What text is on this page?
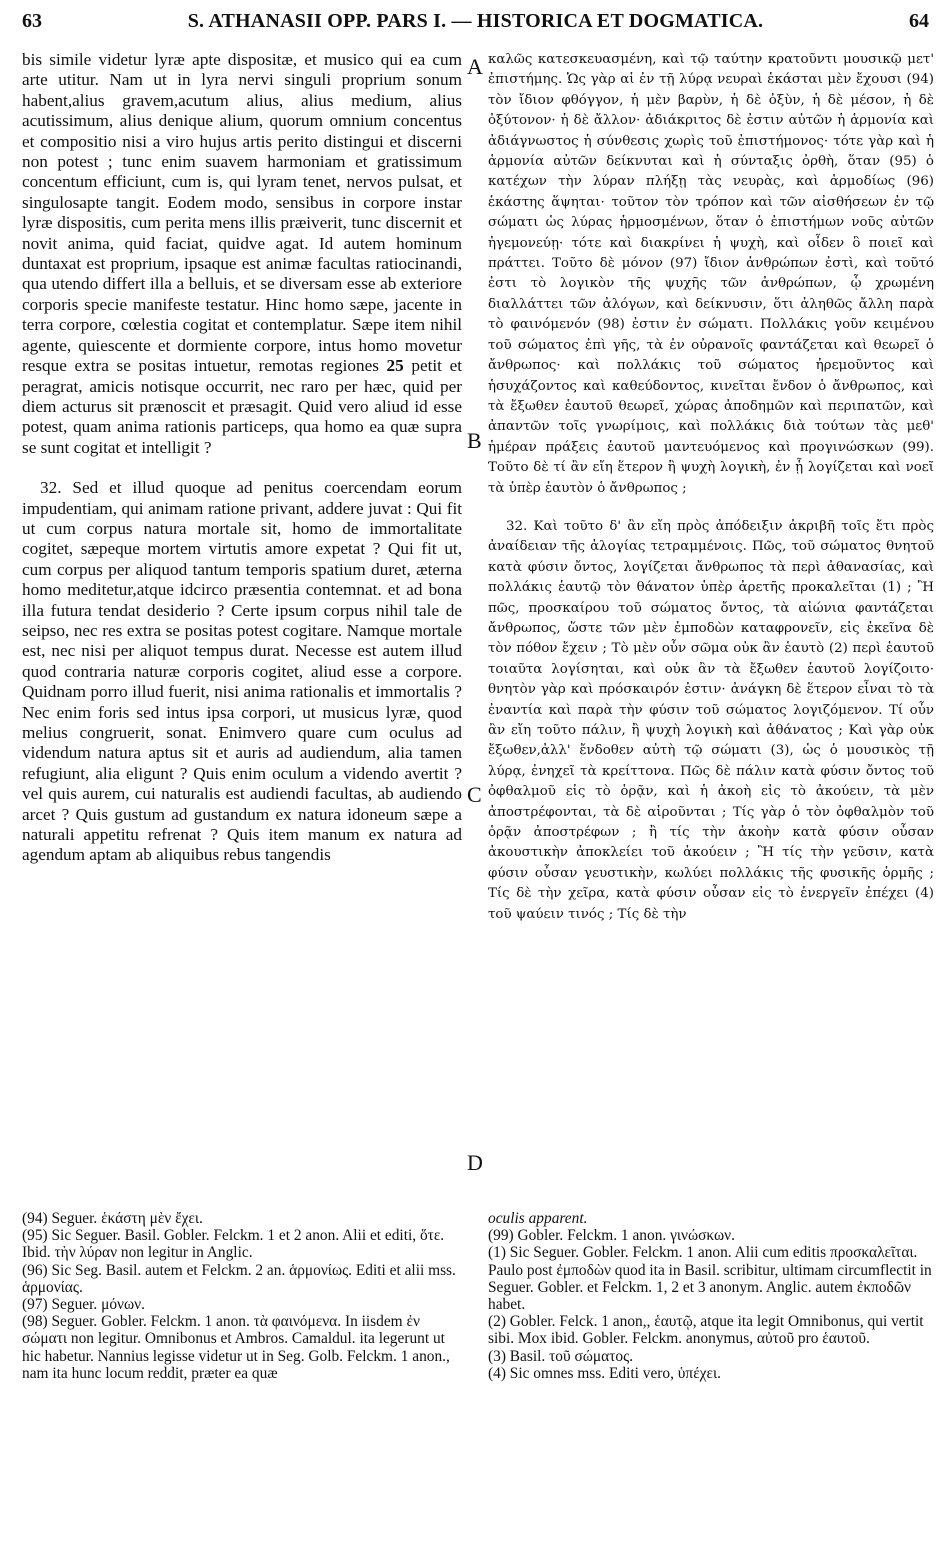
63	S. ATHANASII OPP. PARS I. — HISTORICA ET DOGMATICA.	64

bis simile videtur lyræ apte dispositæ, et musico qui ea cum arte utitur. Nam ut in lyra nervi singuli proprium sonum habent,alius gravem,acutum alius, alius medium, alius acutissimum, alius denique alium, quorum omnium concentus et compositio nisi a viro hujus artis perito distingui et discerni non potest ; tunc enim suavem harmoniam et gratissimum concentum efficiunt, cum is, qui lyram tenet, nervos pulsat, et singulosapte tangit. Eodem modo, sensibus in corpore instar lyræ dispositis, cum perita mens illis præiverit, tunc discernit et novit anima, quid faciat, quidve agat. Id autem hominum duntaxat est proprium, ipsaque est animæ facultas ratiocinandi, qua utendo differt illa a belluis, et se diversam esse ab exteriore corporis specie manifeste testatur. Hinc homo sæpe, jacente in terra corpore, cœlestia cogitat et contemplatur. Sæpe item nihil agente, quiescente et dormiente corpore, intus homo movetur resque extra se positas intuetur, remotas regiones 25 petit et peragrat, amicis notisque occurrit, nec raro per hæc, quid per diem acturus sit prænoscit et præsagit. Quid vero aliud id esse potest, quam anima rationis particeps, qua homo ea quæ supra se sunt cogitat et intelligit ?

32. Sed et illud quoque ad penitus coercendam eorum impudentiam, qui animam ratione privant, addere juvat : Qui fit ut cum corpus natura mortale sit, homo de immortalitate cogitet, sæpeque mortem virtutis amore expetat ? Qui fit ut, cum corpus per aliquod tantum temporis spatium duret, æterna homo meditetur,atque idcirco præsentia contemnat. et ad bona illa futura tendat desiderio ? Certe ipsum corpus nihil tale de seipso, nec res extra se positas potest cogitare. Namque mortale est, nec nisi per aliquot tempus durat. Necesse est autem illud quod contraria naturæ corporis cogitet, aliud esse a corpore. Quidnam porro illud fuerit, nisi anima rationalis et immortalis ? Nec enim foris sed intus ipsa corpori, ut musicus lyræ, quod melius congruerit, sonat. Enimvero quare cum oculus ad videndum natura aptus sit et auris ad audiendum, alia tamen refugiunt, alia eligunt ? Quis enim oculum a videndo avertit ? vel quis aurem, cui naturalis est audiendi facultas, ab audiendo arcet ? Quis gustum ad gustandum ex natura idoneum sæpe a naturali appetitu refrenat ? Quis item manum ex natura ad agendum aptam ab aliquibus rebus tangendis

A
B
C
D

καλῶς κατεσκευασμένη, καὶ τῷ ταύτην κρατοῦντι μουσικῷ μετ' ἐπιστήμης. Ὡς γὰρ αἱ ἐν τῇ λύρᾳ νευραὶ ἑκάσται μὲν ἔχουσι (94) τὸν ἴδιον φθόγγον, ἡ μὲν βαρὺν, ἡ δὲ ὀξὺν, ἡ δὲ μέσον, ἡ δὲ ὀξύτονον· ἡ δὲ ἄλλον· ἀδιάκριτος δὲ ἐστιν αὐτῶν ἡ ἁρμονία καὶ ἀδιάγνωστος ἡ σύνθεσις χωρὶς τοῦ ἐπιστήμονος· τότε γὰρ καὶ ἡ ἁρμονία αὐτῶν δείκνυται καὶ ἡ σύνταξις ὀρθὴ, ὅταν (95) ὁ κατέχων τὴν λύραν πλήξῃ τὰς νευρὰς, καὶ ἁρμοδίως (96) ἑκάστης ἅψηται· τοῦτον τὸν τρόπον καὶ τῶν αἰσθήσεων ἐν τῷ σώματι ὡς λύρας ἡρμοσμένων, ὅταν ὁ ἐπιστήμων νοῦς αὐτῶν ἡγεμονεύῃ· τότε καὶ διακρίνει ἡ ψυχὴ, καὶ οἶδεν ὃ ποιεῖ καὶ πράττει. Τοῦτο δὲ μόνον (97) ἴδιον ἀνθρώπων ἐστὶ, καὶ τοῦτό ἐστι τὸ λογικὸν τῆς ψυχῆς τῶν ἀνθρώπων, ᾧ χρωμένη διαλλάττει τῶν ἀλόγων, καὶ δείκνυσιν, ὅτι ἀληθῶς ἄλλη παρὰ τὸ φαινόμενόν (98) ἐστιν ἐν σώματι. Πολλάκις γοῦν κειμένου τοῦ σώματος ἐπὶ γῆς, τὰ ἐν οὐρανοῖς φαντάζεται καὶ θεωρεῖ ὁ ἄνθρωπος· καὶ πολλάκις τοῦ σώματος ἠρεμοῦντος καὶ ἡσυχάζοντος καὶ καθεύδοντος, κινεῖται ἔνδον ὁ ἄνθρωπος, καὶ τὰ ἔξωθεν ἑαυτοῦ θεωρεῖ, χώρας ἀποδημῶν καὶ περιπατῶν, καὶ ἀπαντῶν τοῖς γνωρίμοις, καὶ πολλάκις διὰ τούτων τὰς μεθ' ἡμέραν πράξεις ἑαυτοῦ μαντευόμενος καὶ προγινώσκων (99). Τοῦτο δὲ τί ἂν εἴη ἕτερον ἢ ψυχὴ λογικὴ, ἐν ᾗ λογίζεται καὶ νοεῖ τὰ ὑπὲρ ἑαυτὸν ὁ ἄνθρωπος ;

32. Καὶ τοῦτο δ' ἂν εἴη πρὸς ἀπόδειξιν ἀκριβῆ τοῖς ἔτι πρὸς ἀναίδειαν τῆς ἀλογίας τετραμμένοις. Πῶς, τοῦ σώματος θνητοῦ κατὰ φύσιν ὄντος, λογίζεται ἄνθρωπος τὰ περὶ ἀθανασίας, καὶ πολλάκις ἑαυτῷ τὸν θάνατον ὑπὲρ ἀρετῆς προκαλεῖται (1) ; Ἢ πῶς, προσκαίρου τοῦ σώματος ὄντος, τὰ αἰώνια φαντάζεται ἄνθρωπος, ὥστε τῶν μὲν ἐμποδὼν καταφρονεῖν, εἰς ἐκεῖνα δὲ τὸν πόθον ἔχειν ; Τὸ μὲν οὖν σῶμα οὐκ ἂν ἑαυτὸ (2) περὶ ἑαυτοῦ τοιαῦτα λογίσηται, καὶ οὐκ ἂν τὰ ἔξωθεν ἑαυτοῦ λογίζοιτο· θνητὸν γὰρ καὶ πρόσκαιρόν ἐστιν· ἀνάγκη δὲ ἕτερον εἶναι τὸ τὰ ἐναντία καὶ παρὰ τὴν φύσιν τοῦ σώματος λογιζόμενον. Τί οὖν ἂν εἴη τοῦτο πάλιν, ἢ ψυχὴ λογικὴ καὶ ἀθάνατος ; Καὶ γὰρ οὐκ ἔξωθεν,ἀλλ' ἔνδοθεν αὐτὴ τῷ σώματι (3), ὡς ὁ μουσικὸς τῇ λύρᾳ, ἐνηχεῖ τὰ κρείττονα. Πῶς δὲ πάλιν κατὰ φύσιν ὄντος τοῦ ὀφθαλμοῦ εἰς τὸ ὁρᾷν, καὶ ἡ ἀκοὴ εἰς τὸ ἀκούειν, τὰ μὲν ἀποστρέφονται, τὰ δὲ αἱροῦνται ; Τίς γὰρ ὁ τὸν ὀφθαλμὸν τοῦ ὁρᾷν ἀποστρέφων ; ἢ τίς τὴν ἀκοὴν κατὰ φύσιν οὖσαν ἀκουστικὴν ἀποκλείει τοῦ ἀκούειν ; Ἢ τίς τὴν γεῦσιν, κατὰ φύσιν οὖσαν γευστικὴν, κωλύει πολλάκις τῆς φυσικῆς ὁρμῆς ; Τίς δὲ τὴν χεῖρα, κατὰ φύσιν οὖσαν εἰς τὸ ἐνεργεῖν ἐπέχει (4) τοῦ ψαύειν τινός ; Τίς δὲ τὴν

(94) Seguer. ἑκάστη μὲν ἔχει.

(95) Sic Seguer. Basil. Gobler. Felckm. 1 et 2 anon. Alii et editi, ὅτε. Ibid. τὴν λύραν non legitur in Anglic.

(96) Sic Seg. Basil. autem et Felckm. 2 an. ἁρμονίως. Editi et alii mss. ἁρμονίας.

(97) Seguer. μόνων.

(98) Seguer. Gobler. Felckm. 1 anon. τὰ φαινόμενα. In iisdem ἐν σώματι non legitur. Omnibonus et Ambros. Camaldul. ita legerunt ut hic habetur. Nannius legisse videtur ut in Seg. Golb. Felckm. 1 anon., nam ita hunc locum reddit, præter ea quæ

oculis apparent.

(99) Gobler. Felckm. 1 anon. γινώσκων.

(1) Sic Seguer. Gobler. Felckm. 1 anon. Alii cum editis προσκαλεῖται. Paulo post ἐμποδὼν quod ita in Basil. scribitur, ultimam circumflectit in Seguer. Gobler. et Felckm. 1, 2 et 3 anonym. Anglic. autem ἐκποδῶν habet.

(2) Gobler. Felck. 1 anon,, ἑαυτῷ, atque ita legit Omnibonus, qui vertit sibi. Mox ibid. Gobler. Felckm. anonymus, αὐτοῦ pro ἑαυτοῦ.

(3) Basil. τοῦ σώματος.

(4) Sic omnes mss. Editi vero, ὑπέχει.
